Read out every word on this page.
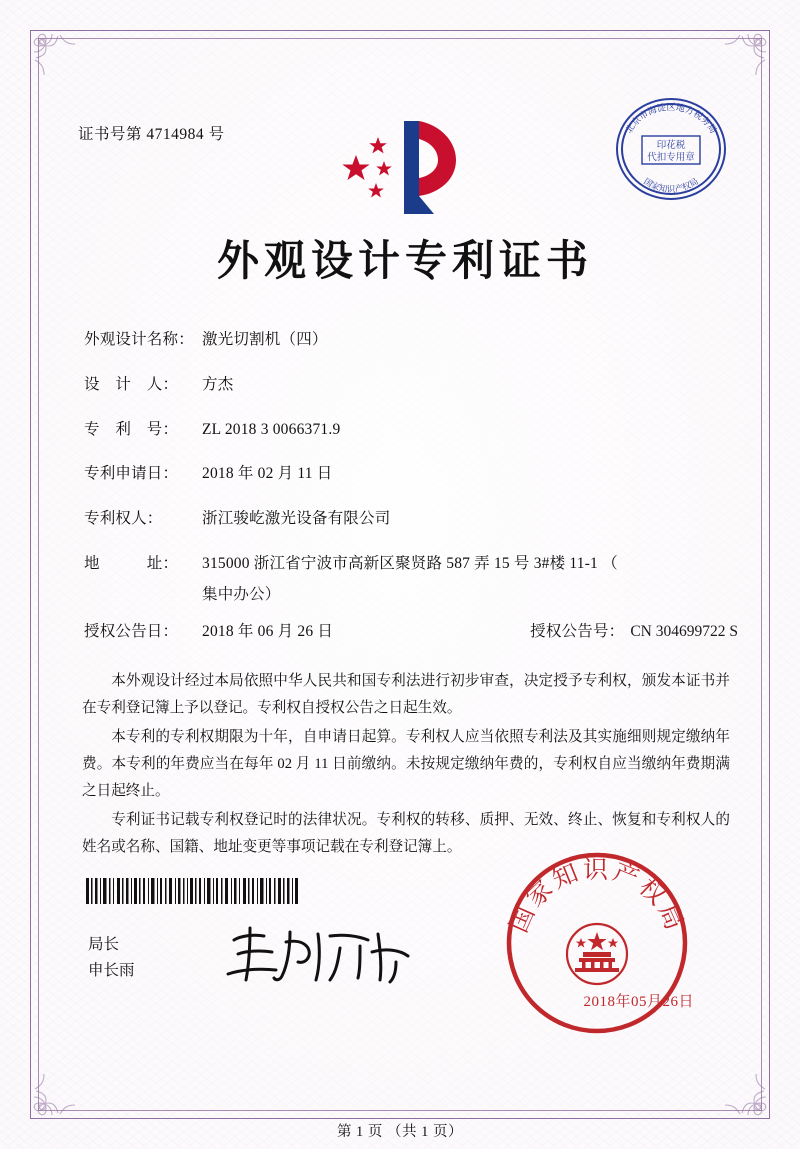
证书号第 4714984 号
印花税
代扣专用章
北京市海淀区地方税务局
国家知识产权局
外观设计专利证书
外观设计名称： 激光切割机（四）
设　计　人：	方杰
专　利　号：	ZL 2018 3 0066371.9
专利申请日：	2018 年 02 月 11 日
专利权人：	浙江骏屹激光设备有限公司
地　　　址：	315000 浙江省宁波市高新区聚贤路 587 弄 15 号 3#楼 11-1 （
集中办公）
授权公告日：	2018 年 06 月 26 日	授权公告号： CN 304699722 S

本外观设计经过本局依照中华人民共和国专利法进行初步审查，决定授予专利权，颁发本证书并在专利登记簿上予以登记。专利权自授权公告之日起生效。

本专利的专利权期限为十年，自申请日起算。专利权人应当依照专利法及其实施细则规定缴纳年费。本专利的年费应当在每年 02 月 11 日前缴纳。未按规定缴纳年费的，专利权自应当缴纳年费期满之日起终止。

专利证书记载专利权登记时的法律状况。专利权的转移、质押、无效、终止、恢复和专利权人的姓名或名称、国籍、地址变更等事项记载在专利登记簿上。

局长
申长雨
国家知识产权局
2018年05月26日
第 1 页 （共 1 页）
